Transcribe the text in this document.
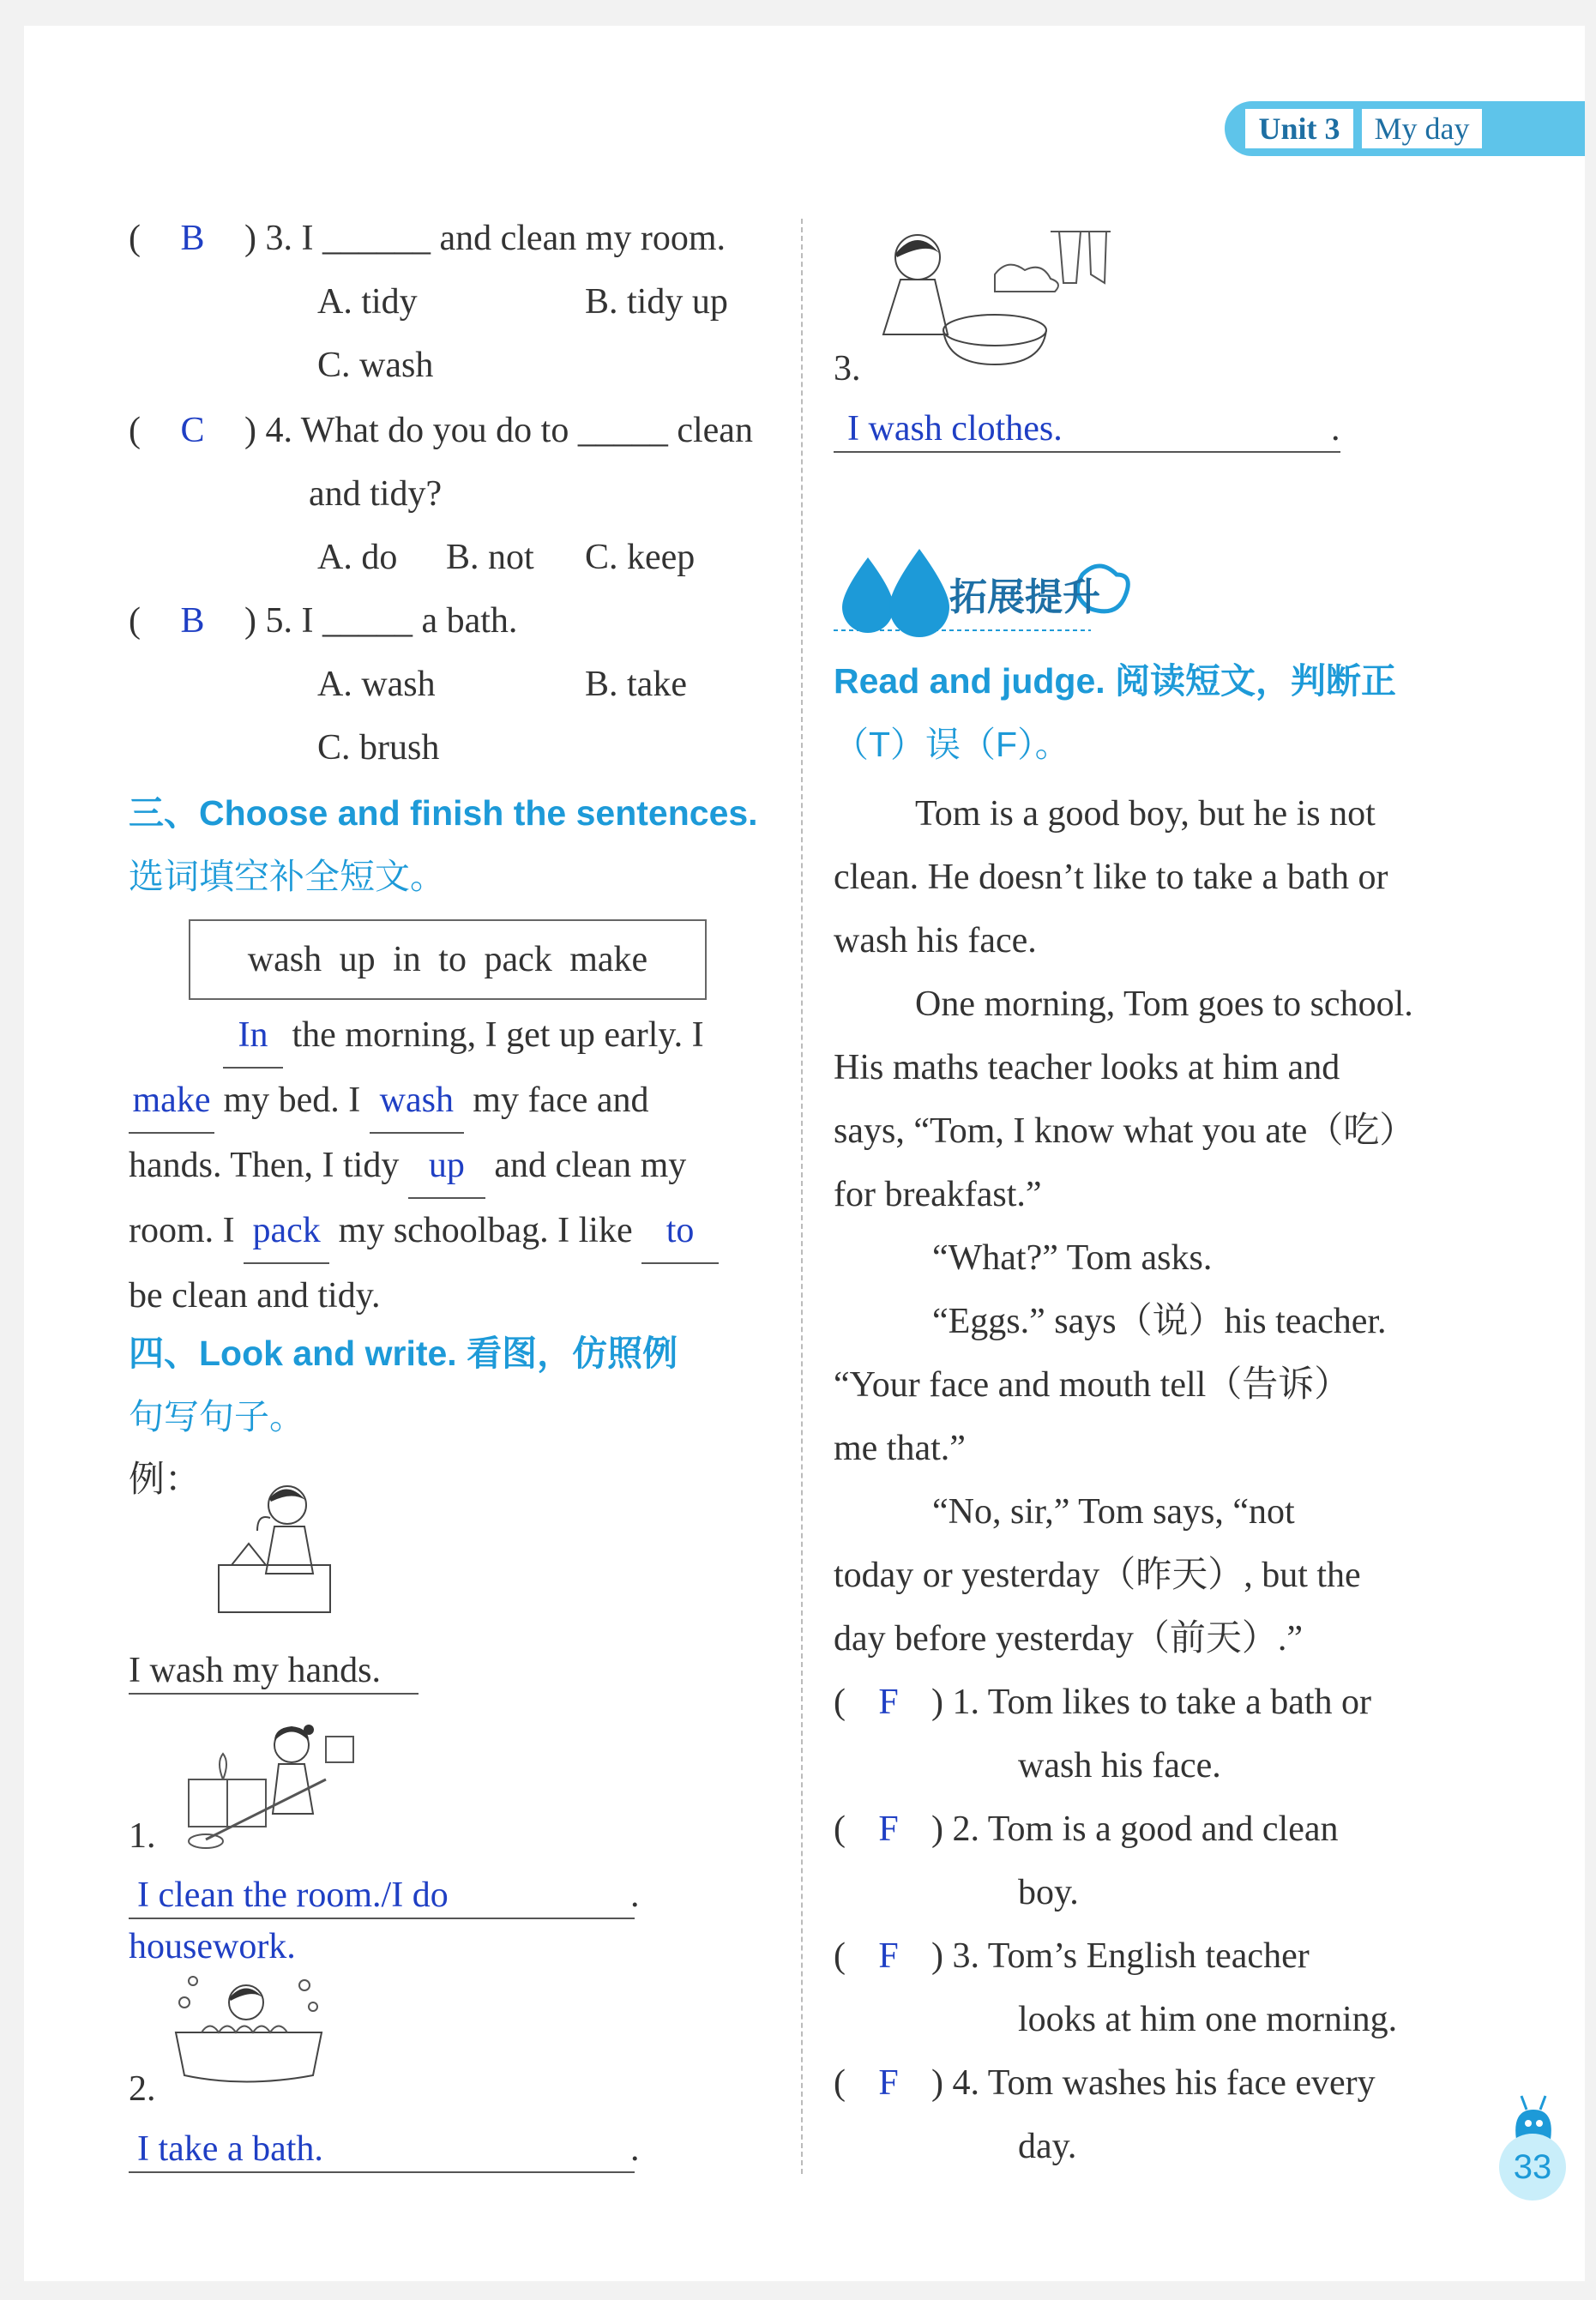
Unit 3	My day
( B ) 3. I ______ and clean my room.
A. tidy	B. tidy up
C. wash
( C ) 4. What do you do to _____ clean
and tidy?
A. do B. not C. keep
( B ) 5. I _____ a bath.
A. wash	B. take
C. brush
三、Choose and finish the sentences.
选词填空补全短文。
wash up in to pack make
In the morning, I get up early. I
make my bed. I wash my face and
hands. Then, I tidy up and clean my
room. I pack my schoolbag. I like to
be clean and tidy.
四、Look and write. 看图，仿照例
句写句子。
例：
I wash my hands.
1.
I clean the room./I do	.
housework.
2.
I take a bath.	.
3.
I wash clothes.	.
拓展提升
Read and judge. 阅读短文，判断正
（T）误（F）。
Tom is a good boy, but he is not
clean. He doesn’t like to take a bath or
wash his face.
One morning, Tom goes to school.
His maths teacher looks at him and
says, “Tom, I know what you ate（吃）
for breakfast.”
“What?” Tom asks.
“Eggs.” says（说）his teacher.
“Your face and mouth tell（告诉）
me that.”
“No, sir,” Tom says, “not
today or yesterday（昨天）, but the
day before yesterday（前天）.”
( F ) 1. Tom likes to take a bath or
wash his face.
( F ) 2. Tom is a good and clean
boy.
( F ) 3. Tom’s English teacher
looks at him one morning.
( F ) 4. Tom washes his face every
day.
33
